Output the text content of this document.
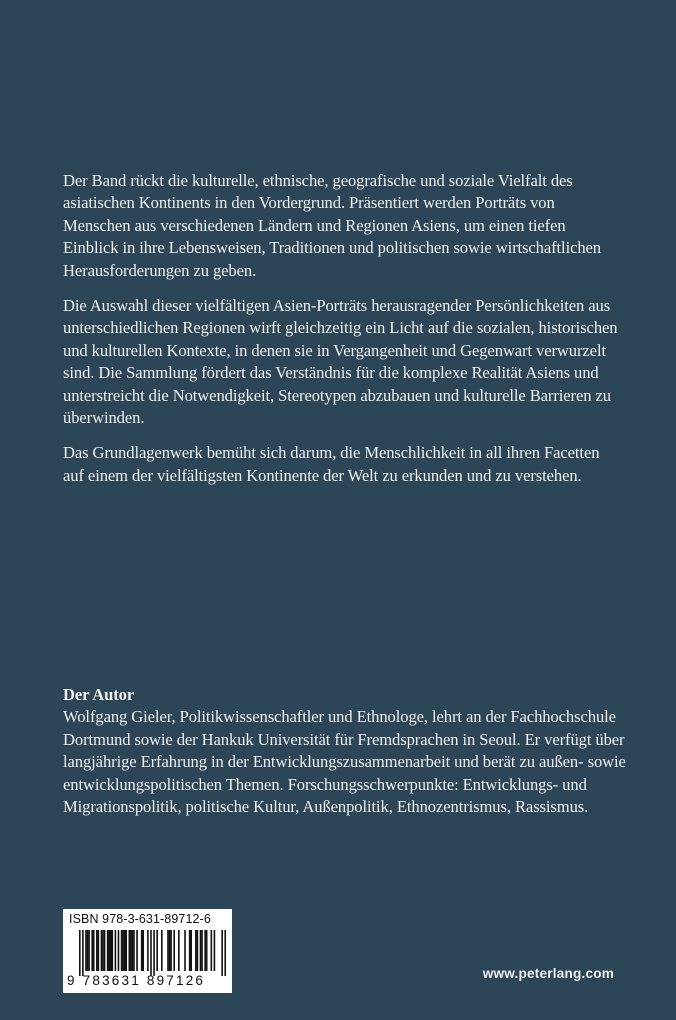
Der Band rückt die kulturelle, ethnische, geografische und soziale Vielfalt des asiatischen Kontinents in den Vordergrund. Präsentiert werden Porträts von Menschen aus verschiedenen Ländern und Regionen Asiens, um einen tiefen Einblick in ihre Lebensweisen, Traditionen und politischen sowie wirtschaftlichen Herausforderungen zu geben.

Die Auswahl dieser vielfältigen Asien-Porträts herausragender Persönlichkeiten aus unterschiedlichen Regionen wirft gleichzeitig ein Licht auf die sozialen, historischen und kulturellen Kontexte, in denen sie in Vergangenheit und Gegenwart verwurzelt sind. Die Sammlung fördert das Verständnis für die komplexe Realität Asiens und unterstreicht die Notwendigkeit, Stereotypen abzubauen und kulturelle Barrieren zu überwinden.

Das Grundlagenwerk bemüht sich darum, die Menschlichkeit in all ihren Facetten auf einem der vielfältigsten Kontinente der Welt zu erkunden und zu verstehen.

Der Autor

Wolfgang Gieler, Politikwissenschaftler und Ethnologe, lehrt an der Fachhochschule Dortmund sowie der Hankuk Universität für Fremdsprachen in Seoul. Er verfügt über langjährige Erfahrung in der Entwicklungszusammenarbeit und berät zu außen- sowie entwicklungspolitischen Themen. Forschungsschwerpunkte: Entwicklungs- und Migrationspolitik, politische Kultur, Außenpolitik, Ethnozentrismus, Rassismus.

ISBN 978-3-631-89712-6
9 783631 897126	www.peterlang.com
